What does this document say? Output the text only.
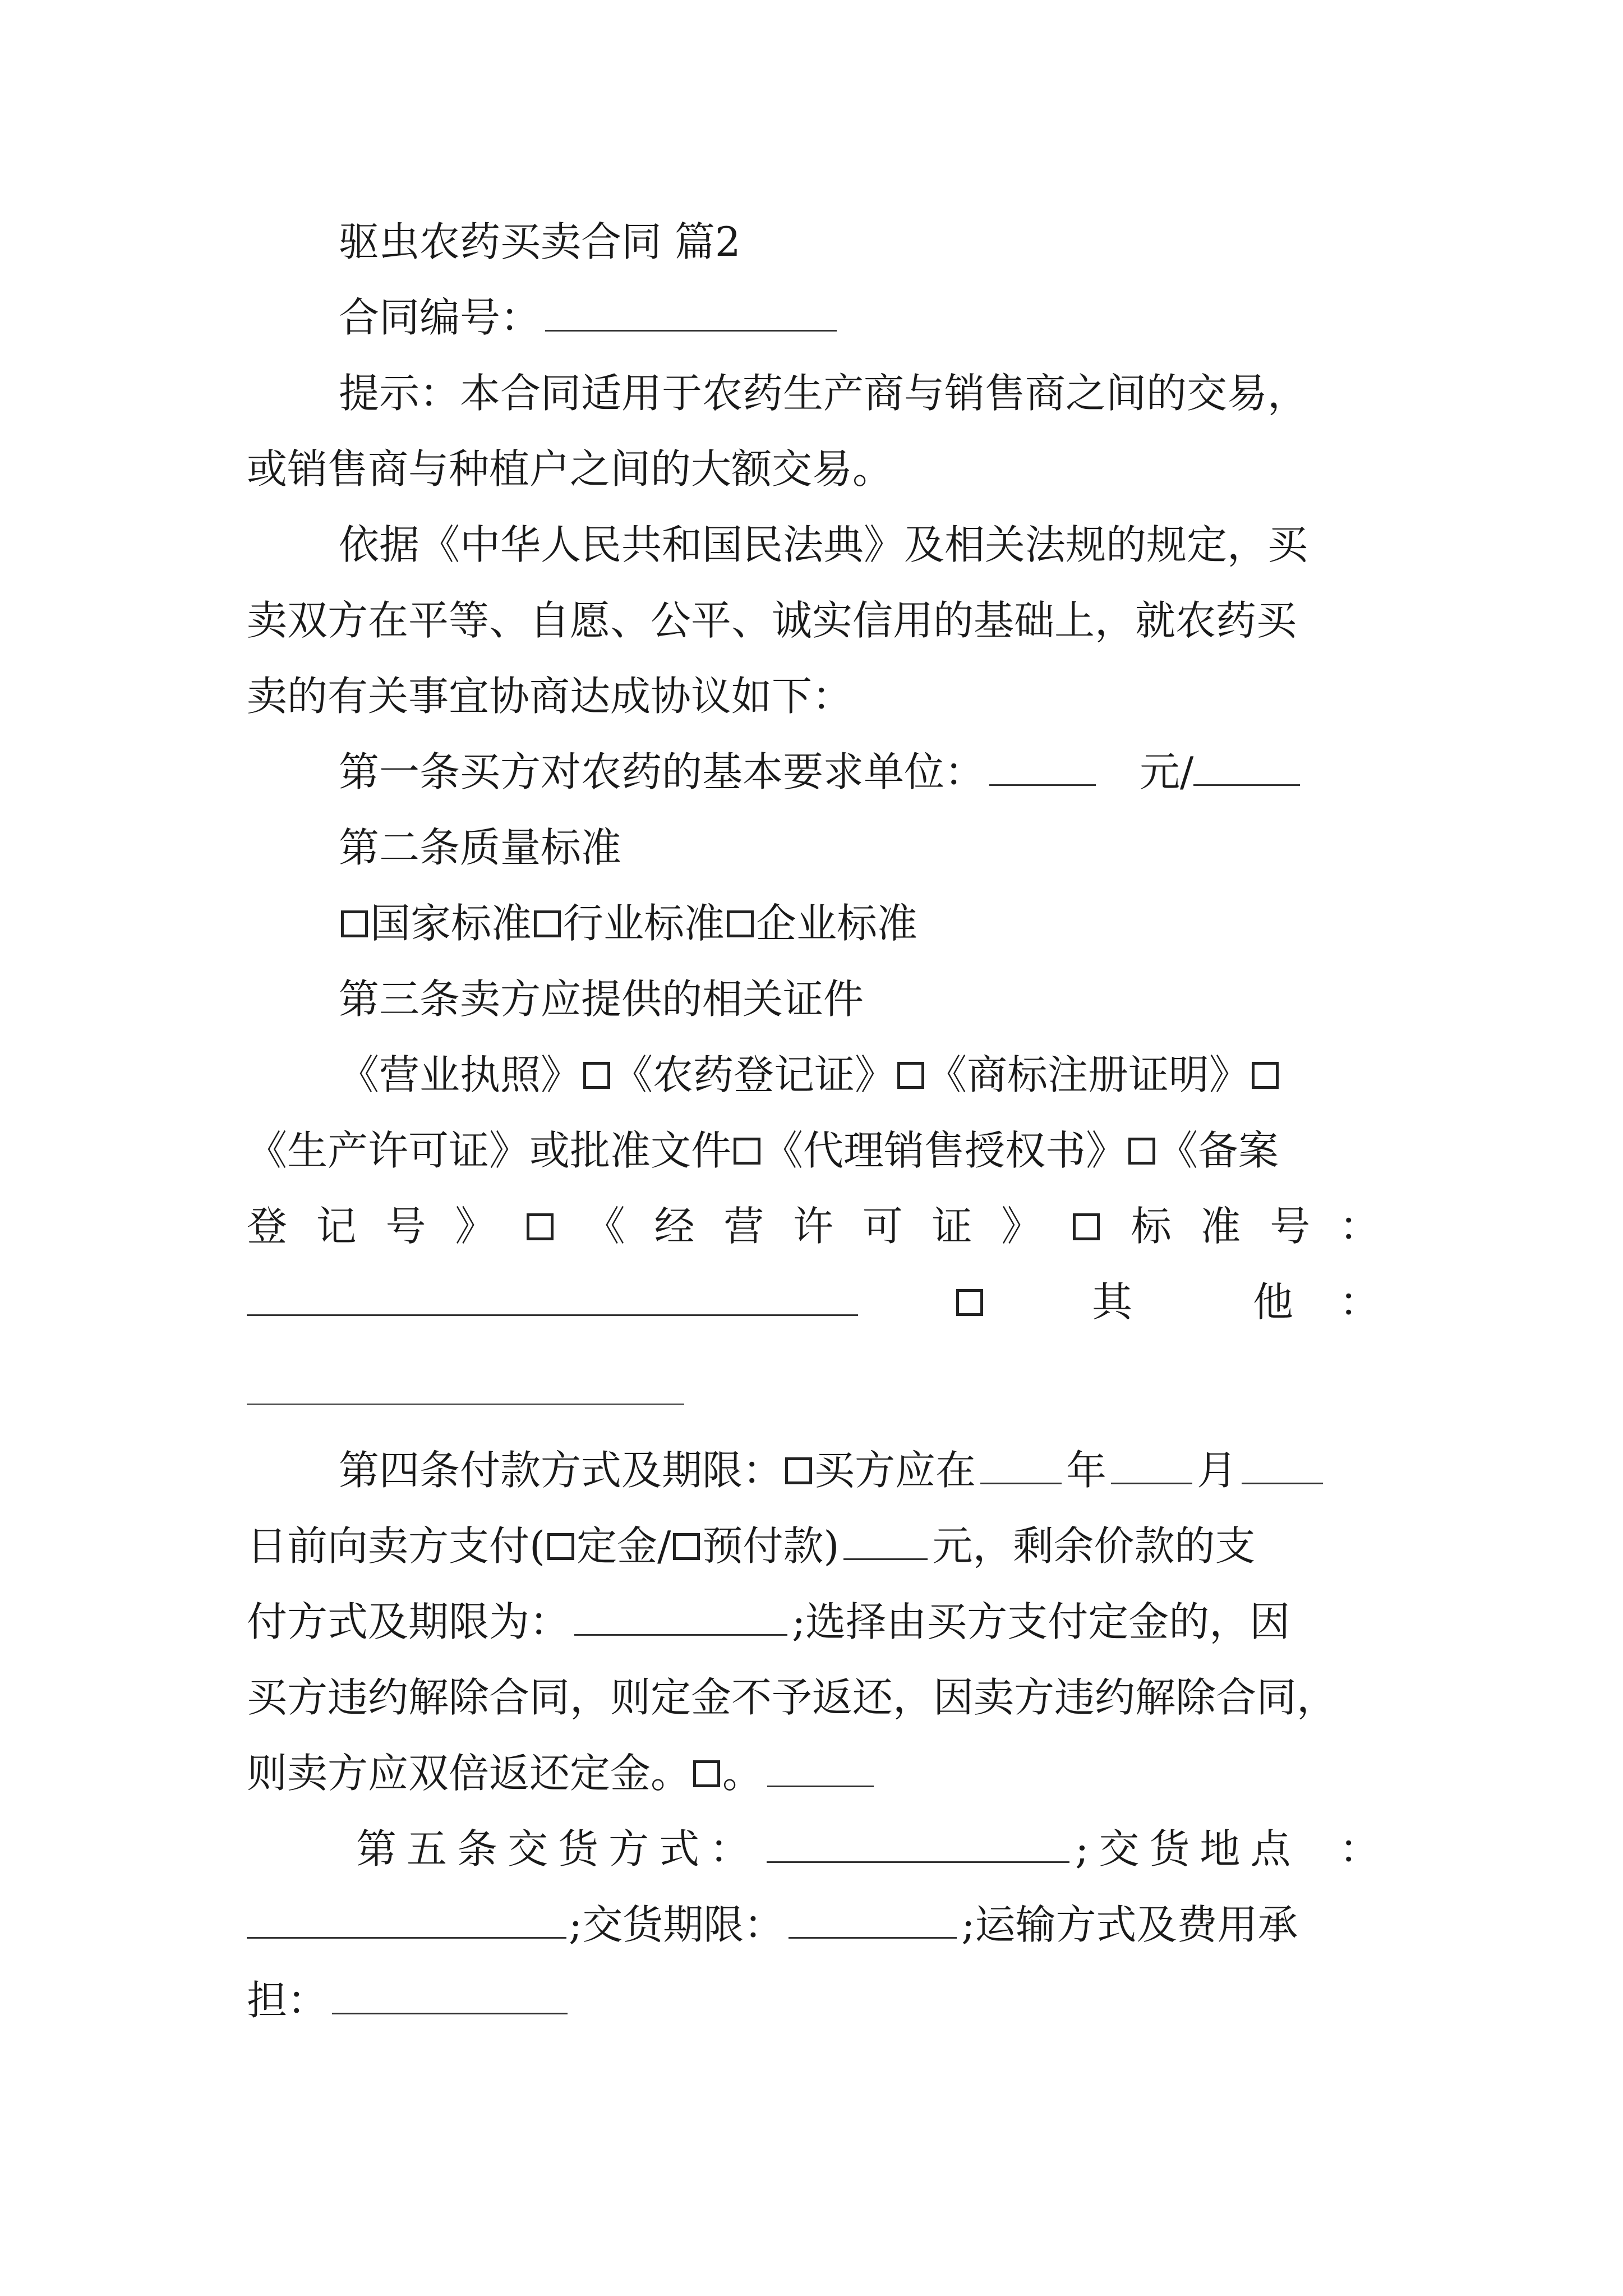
驱虫农药买卖合同 篇2
合同编号：
提示：本合同适用于农药生产商与销售商之间的交易，
或销售商与种植户之间的大额交易。
依据《中华人民共和国民法典》及相关法规的规定，买
卖双方在平等、自愿、公平、诚实信用的基础上，就农药买
卖的有关事宜协商达成协议如下：
第一条买方对农药的基本要求单位：	元/
第二条质量标准
国家标准 行业标准 企业标准
第三条卖方应提供的相关证件
《营业执照》 《农药登记证》 《商标注册证明》
《生产许可证》或批准文件 《代理销售授权书》 《备案
登 记 号 》 《 经 营 许 可 证 》 标 准 号 ：
其	他 ：
第四条付款方式及期限： 买方应在 年 月
日前向卖方支付( 定金/ 预付款) 元，剩余价款的支
付方式及期限为：	;选择由买方支付定金的，因
买方违约解除合同，则定金不予返还，因卖方违约解除合同，
则卖方应双倍返还定金。 。
第 五 条 交 货 方 式 ：	; 交 货 地 点 ：
;交货期限：	;运输方式及费用承
担：
